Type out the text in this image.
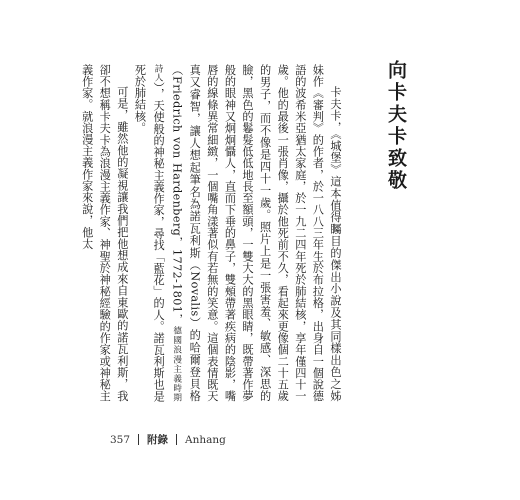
向卡夫卡致敬

卡夫卡，《城堡》這本值得矚目的傑出小說及其同樣出色之姊妹作《審判》的作者，於一八八三年生於布拉格，出身自一個說德語的波希米亞猶太家庭，於一九二四年死於肺結核，享年僅四十一歲。他的最後一張肖像，攝於他死前不久，看起來更像個二十五歲的男子，而不像是四十一歲。照片上是一張害羞、敏感、深思的臉，黑色的鬈髮低低地長至額頭，一雙大大的黑眼睛，既帶著作夢般的眼神又炯炯懾人，直而下垂的鼻子，雙頰帶著疾病的陰影，嘴唇的線條異常細緻，一個嘴角漾著似有若無的笑意。這個表情既天真又睿智，讓人想起筆名為諾瓦利斯（Novalis）的哈爾登貝格（Friedrich von Hardenberg，1772-1801，德國浪漫主義時期詩人），天使般的神秘主義作家，尋找「藍花」的人。諾瓦利斯也是死於肺結核。

可是，雖然他的凝視讓我們把他想成來自東歐的諾瓦利斯，我卻不想稱卡夫卡為浪漫主義作家、神聖於神秘經驗的作家或神秘主義作家。就浪漫主義作家來說，他太

357 附錄 Anhang
